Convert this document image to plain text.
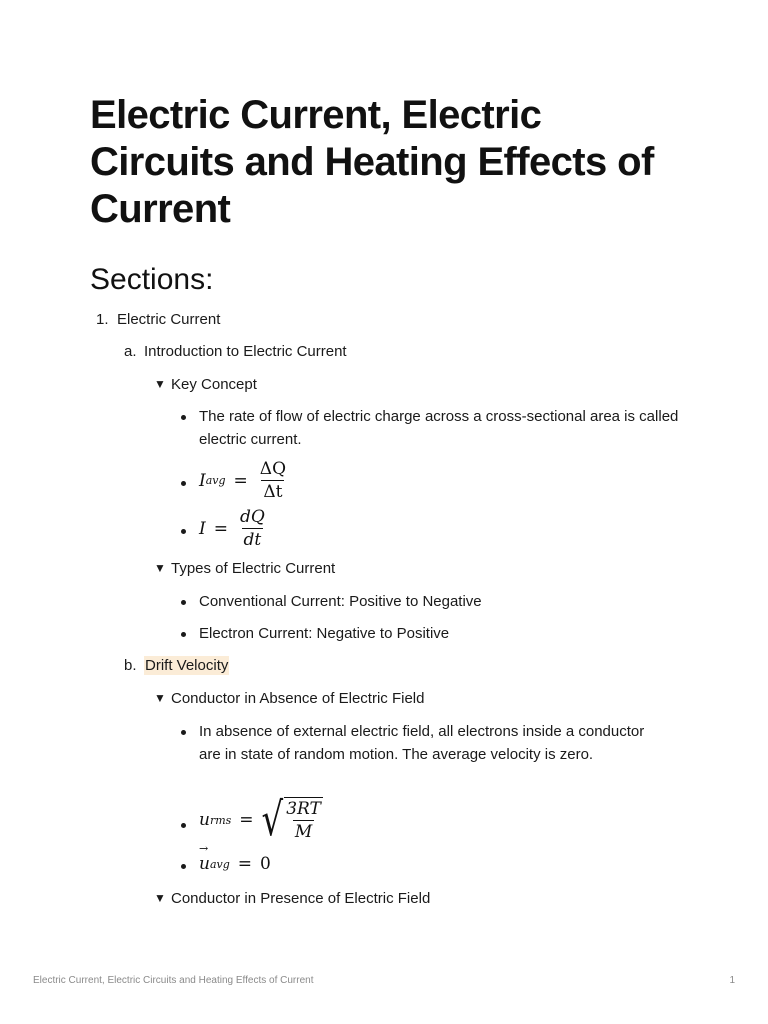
Electric Current, Electric Circuits and Heating Effects of Current
Sections:
1. Electric Current
a. Introduction to Electric Current
▼ Key Concept
The rate of flow of electric charge across a cross-sectional area is called electric current.
I avg = $\frac{\Delta Q}{\Delta t}$
$I = \frac{dQ}{dt}$
▼ Types of Electric Current
Conventional Current: Positive to Negative
Electron Current: Negative to Positive
b. Drift Velocity
▼ Conductor in Absence of Electric Field
In absence of external electric field, all electrons inside a conductor are in state of random motion. The average velocity is zero.
u rms = √ $\frac{3RT}{M}$
→ u avg = 0
▼ Conductor in Presence of Electric Field
Electric Current, Electric Circuits and Heating Effects of Current	1
